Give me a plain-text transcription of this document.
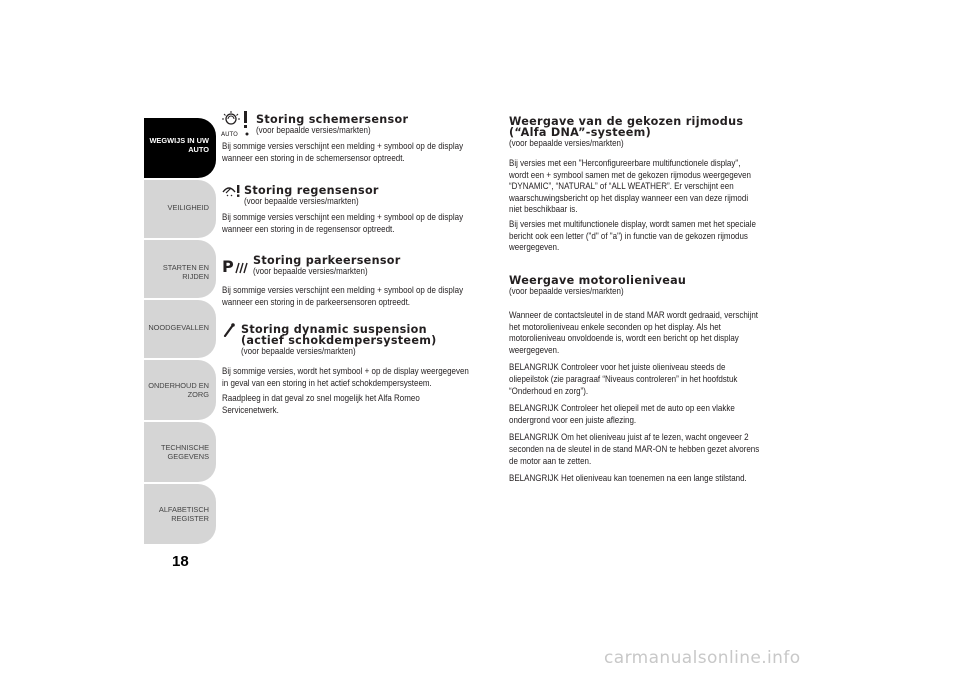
WEGWIJS IN UW
AUTO
VEILIGHEID
STARTEN EN RIJDEN
NOODGEVALLEN
ONDERHOUD EN
ZORG
TECHNISCHE
GEGEVENS
ALFABETISCH
REGISTER
18
AUTO

Storing schemersensor

(voor bepaalde versies/markten)

Bij sommige versies verschijnt een melding + symbool op de display

wanneer een storing in de schemersensor optreedt.

Storing regensensor

(voor bepaalde versies/markten)

Bij sommige versies verschijnt een melding + symbool op de display

wanneer een storing in de regensensor optreedt.

P Storing parkeersensor

(voor bepaalde versies/markten)

Bij sommige versies verschijnt een melding + symbool op de display

wanneer een storing in de parkeersensoren optreedt.

Storing dynamic suspension

(actief schokdempersysteem)

(voor bepaalde versies/markten)

Bij sommige versies, wordt het symbool + op de display weergegeven

in geval van een storing in het actief schokdempersysteem.

Raadpleeg in dat geval zo snel mogelijk het Alfa Romeo

Servicenetwerk.

Weergave van de gekozen rijmodus

(“Alfa DNA”-systeem)

(voor bepaalde versies/markten)

Bij versies met een "Herconfigureerbare multifunctionele display",

wordt een + symbool samen met de gekozen rijmodus weergegeven

“DYNAMIC”, “NATURAL” of “ALL WEATHER”. Er verschijnt een

waarschuwingsbericht op het display wanneer een van deze rijmodi

niet beschikbaar is.

Bij versies met multifunctionele display, wordt samen met het speciale

bericht ook een letter ("d" of "a") in functie van de gekozen rijmodus

weergegeven.

Weergave motorolieniveau

(voor bepaalde versies/markten)

Wanneer de contactsleutel in de stand MAR wordt gedraaid, verschijnt

het motorolieniveau enkele seconden op het display. Als het

motorolieniveau onvoldoende is, wordt een bericht op het display

weergegeven.

BELANGRIJK Controleer voor het juiste olieniveau steeds de

oliepeilstok (zie paragraaf “Niveaus controleren” in het hoofdstuk

“Onderhoud en zorg”).

BELANGRIJK Controleer het oliepeil met de auto op een vlakke

ondergrond voor een juiste aflezing.

BELANGRIJK Om het olieniveau juist af te lezen, wacht ongeveer 2

seconden na de sleutel in de stand MAR-ON te hebben gezet alvorens

de motor aan te zetten.

BELANGRIJK Het olieniveau kan toenemen na een lange stilstand.

carmanualsonline.info
